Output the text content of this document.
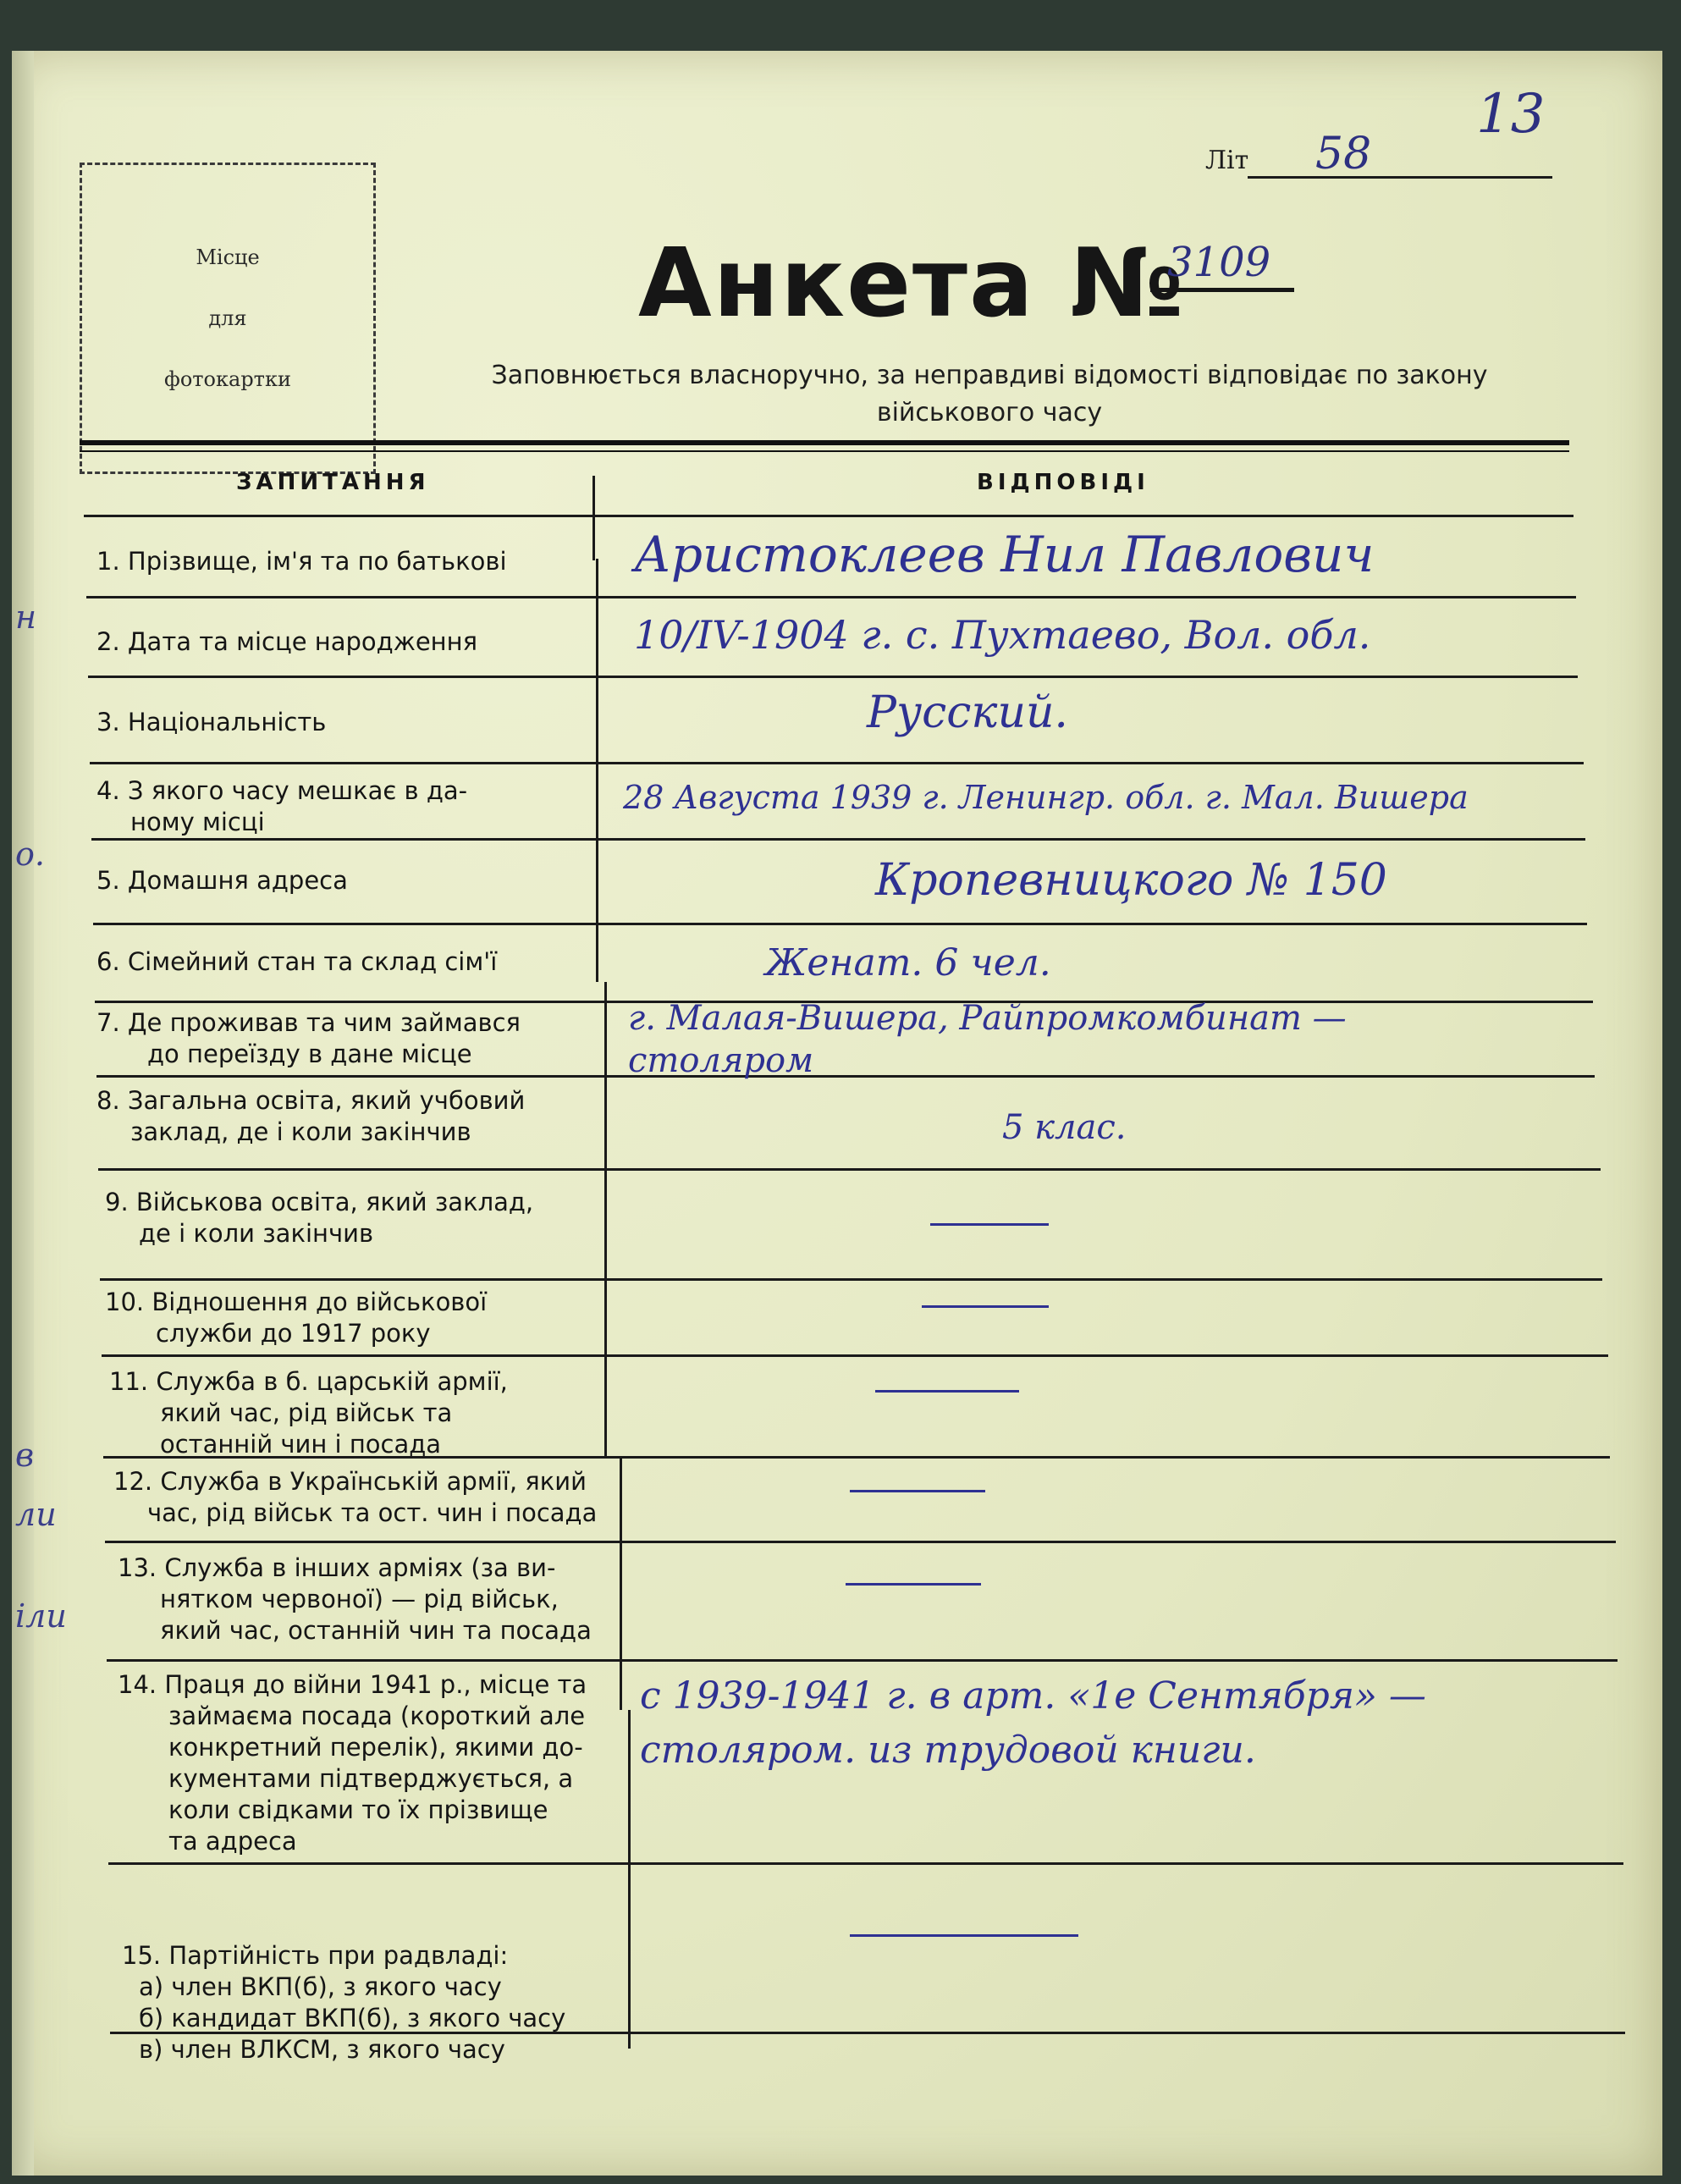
н
о.
в
ли
іли
Літ 58
13
Місце
для
фотокартки
Анкета №
3109
Заповнюється власноручно, за неправдиві відомості відповідає по закону військового часу
ЗАПИТАННЯ	ВІДПОВІДІ
1. Прізвище, ім'я та по батькові
2. Дата та місце народження
3. Національність
4. З якого часу мешкає в да-
ному місці
5. Домашня адреса
6. Сімейний стан та склад сім'ї
7. Де проживав та чим займався
до переїзду в дане місце
8. Загальна освіта, який учбовий
заклад, де і коли закінчив
9. Військова освіта, який заклад,
де і коли закінчив
10. Відношення до військової
служби до 1917 року
11. Служба в б. царській армії,
який час, рід військ та
останній чин і посада
12. Служба в Українській армії, який
час, рід військ та ост. чин і посада
13. Служба в інших арміях (за ви-
нятком червоної) — рід військ,
який час, останній чин та посада
14. Праця до війни 1941 р., місце та
займаєма посада (короткий але
конкретний перелік), якими до-
кументами підтверджується, а
коли свідками то їх прізвище
та адреса
15. Партійність при радвладі:
а) член ВКП(б), з якого часу
б) кандидат ВКП(б), з якого часу
в) член ВЛКСМ, з якого часу
Аристоклеев Нил Павлович
10/IV-1904 г. с. Пухтаево, Вол. обл.
Русский.
28 Августа 1939 г. Ленингр. обл. г. Мал. Вишера
Кропевницкого № 150
Женат. 6 чел.
г. Малая-Вишера, Райпромкомбинат —
столяром
5 клас.
с 1939-1941 г. в арт. «1е Сентября» —
столяром. из трудовой книги.
